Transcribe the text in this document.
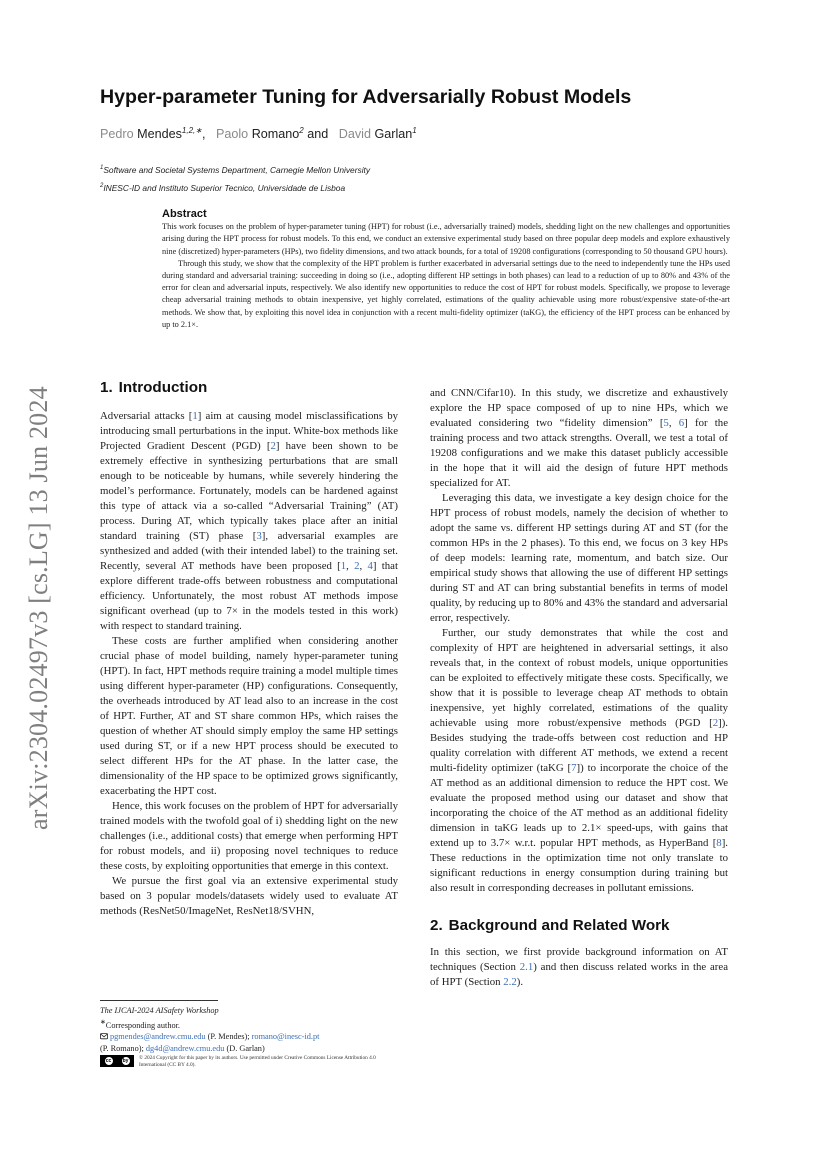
arXiv:2304.02497v3 [cs.LG] 13 Jun 2024
Hyper-parameter Tuning for Adversarially Robust Models
Pedro Mendes$^{1,2,∗}$,   Paolo Romano$^2$ and   David Garlan$^1$
$^1$Software and Societal Systems Department, Carnegie Mellon University
$^2$INESC-ID and Instituto Superior Tecnico, Universidade de Lisboa
Abstract

This work focuses on the problem of hyper-parameter tuning (HPT) for robust (i.e., adversarially trained) models, shedding light on the new challenges and opportunities arising during the HPT process for robust models. To this end, we conduct an extensive experimental study based on three popular deep models and explore exhaustively nine (discretized) hyper-parameters (HPs), two fidelity dimensions, and two attack bounds, for a total of 19208 configurations (corresponding to 50 thousand GPU hours).

Through this study, we show that the complexity of the HPT problem is further exacerbated in adversarial settings due to the need to independently tune the HPs used during standard and adversarial training: succeeding in doing so (i.e., adopting different HP settings in both phases) can lead to a reduction of up to 80% and 43% of the error for clean and adversarial inputs, respectively. We also identify new opportunities to reduce the cost of HPT for robust models. Specifically, we propose to leverage cheap adversarial training methods to obtain inexpensive, yet highly correlated, estimations of the quality achievable using more robust/expensive state-of-the-art methods. We show that, by exploiting this novel idea in conjunction with a recent multi-fidelity optimizer (taKG), the efficiency of the HPT process can be enhanced by up to 2.1×.

1. Introduction

Adversarial attacks [1] aim at causing model misclassifications by introducing small perturbations in the input. White-box methods like Projected Gradient Descent (PGD) [2] have been shown to be extremely effective in synthesizing perturbations that are small enough to be noticeable by humans, while severely hindering the model’s performance. Fortunately, models can be hardened against this type of attack via a so-called “Adversarial Training” (AT) process. During AT, which typically takes place after an initial standard training (ST) phase [3], adversarial examples are synthesized and added (with their intended label) to the training set. Recently, several AT methods have been proposed [1, 2, 4] that explore different trade-offs between robustness and computational efficiency. Unfortunately, the most robust AT methods impose significant overhead (up to 7× in the models tested in this work) with respect to standard training.

These costs are further amplified when considering another crucial phase of model building, namely hyper-parameter tuning (HPT). In fact, HPT methods require training a model multiple times using different hyper-parameter (HP) configurations. Consequently, the overheads introduced by AT lead also to an increase in the cost of HPT. Further, AT and ST share common HPs, which raises the question of whether AT should simply employ the same HP settings used during ST, or if a new HPT process should be executed to select different HPs for the AT phase. In the latter case, the dimensionality of the HP space to be optimized grows significantly, exacerbating the HPT cost.

Hence, this work focuses on the problem of HPT for adversarially trained models with the twofold goal of i) shedding light on the new challenges (i.e., additional costs) that emerge when performing HPT for robust models, and ii) proposing novel techniques to reduce these costs, by exploiting opportunities that emerge in this context.

We pursue the first goal via an extensive experimental study based on 3 popular models/datasets widely used to evaluate AT methods (ResNet50/ImageNet, ResNet18/SVHN,

and CNN/Cifar10). In this study, we discretize and exhaustively explore the HP space composed of up to nine HPs, which we evaluated considering two “fidelity dimension” [5, 6] for the training process and two attack strengths. Overall, we test a total of 19208 configurations and we make this dataset publicly accessible in the hope that it will aid the design of future HPT methods specialized for AT.

Leveraging this data, we investigate a key design choice for the HPT process of robust models, namely the decision of whether to adopt the same vs. different HP settings during AT and ST (for the common HPs in the 2 phases). To this end, we focus on 3 key HPs of deep models: learning rate, momentum, and batch size. Our empirical study shows that allowing the use of different HP settings during ST and AT can bring substantial benefits in terms of model quality, by reducing up to 80% and 43% the standard and adversarial error, respectively.

Further, our study demonstrates that while the cost and complexity of HPT are heightened in adversarial settings, it also reveals that, in the context of robust models, unique opportunities can be exploited to effectively mitigate these costs. Specifically, we show that it is possible to leverage cheap AT methods to obtain inexpensive, yet highly correlated, estimations of the quality achievable using more robust/expensive methods (PGD [2]). Besides studying the trade-offs between cost reduction and HP quality correlation with different AT methods, we extend a recent multi-fidelity optimizer (taKG [7]) to incorporate the choice of the AT method as an additional dimension to reduce the HPT cost. We evaluate the proposed method using our dataset and show that incorporating the choice of the AT method as an additional fidelity dimension in taKG leads up to 2.1× speed-ups, with gains that extend up to 3.7× w.r.t. popular HPT methods, as HyperBand [8]. These reductions in the optimization time not only translate to significant reductions in energy consumption during training but also result in corresponding decreases in pollutant emissions.

2. Background and Related Work

In this section, we first provide background information on AT techniques (Section 2.1) and then discuss related works in the area of HPT (Section 2.2).

The IJCAI-2024 AISafety Workshop
∗Corresponding author.
pgmendes@andrew.cmu.edu (P. Mendes); romano@inesc-id.pt
(P. Romano); dg4d@andrew.cmu.edu (D. Garlan)
cc	by	© 2024 Copyright for this paper by its authors. Use permitted under Creative Commons License Attribution 4.0 International (CC BY 4.0).
